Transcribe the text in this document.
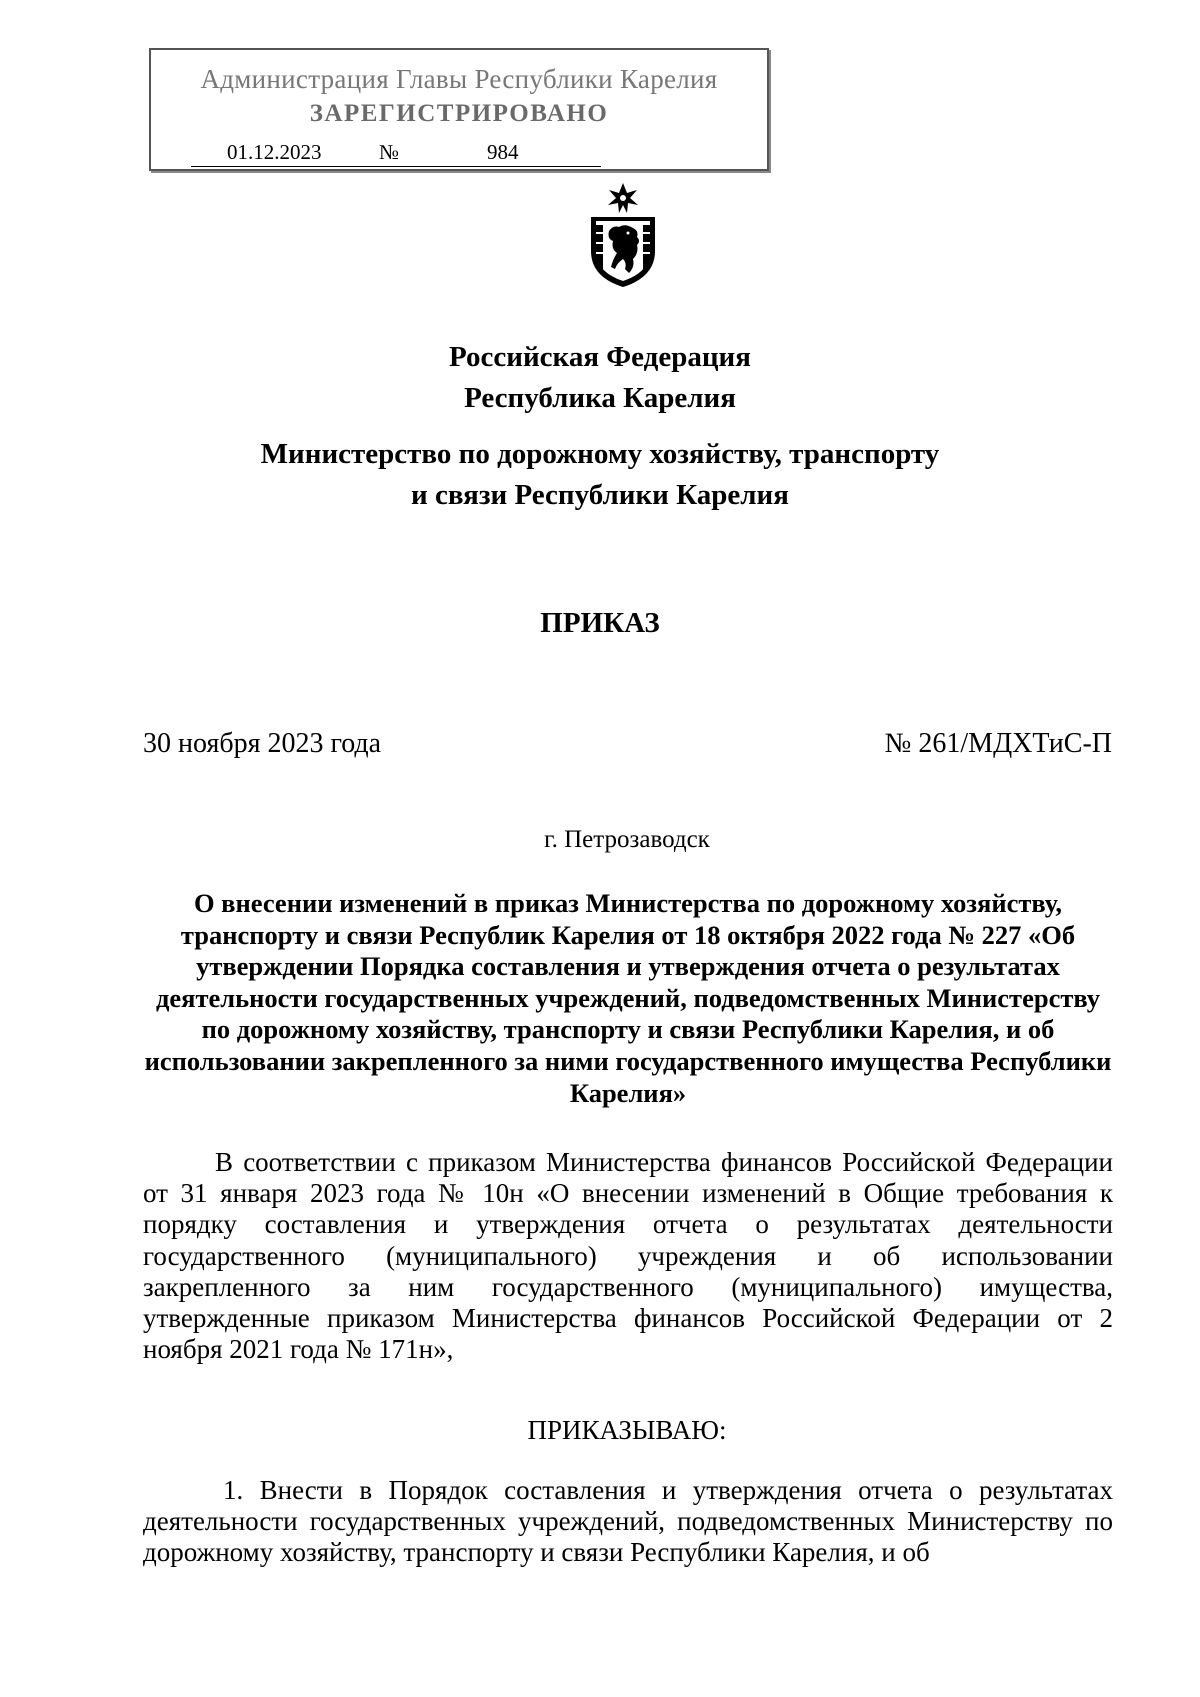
Администрация Главы Республики Карелия
ЗАРЕГИСТРИРОВАНО
01.12.2023	№	984
Российская Федерация
Республика Карелия
Министерство по дорожному хозяйству, транспорту
и связи Республики Карелия
ПРИКАЗ
30 ноября 2023 года	№ 261/МДХТиС-П
г. Петрозаводск
О внесении изменений в приказ Министерства по дорожному хозяйству, транспорту и связи Республик Карелия от 18 октября 2022 года № 227 «Об утверждении Порядка составления и утверждения отчета о результатах деятельности государственных учреждений, подведомственных Министерству по дорожному хозяйству, транспорту и связи Республики Карелия, и об использовании закрепленного за ними государственного имущества Республики Карелия»
В соответствии с приказом Министерства финансов Российской Федерации от 31 января 2023 года № 10н «О внесении изменений в Общие требования к порядку составления и утверждения отчета о результатах деятельности государственного (муниципального) учреждения и об использовании закрепленного за ним государственного (муниципального) имущества, утвержденные приказом Министерства финансов Российской Федерации от 2 ноября 2021 года № 171н»,
ПРИКАЗЫВАЮ:
1. Внести в Порядок составления и утверждения отчета о результатах деятельности государственных учреждений, подведомственных Министерству по дорожному хозяйству, транспорту и связи Республики Карелия, и об
